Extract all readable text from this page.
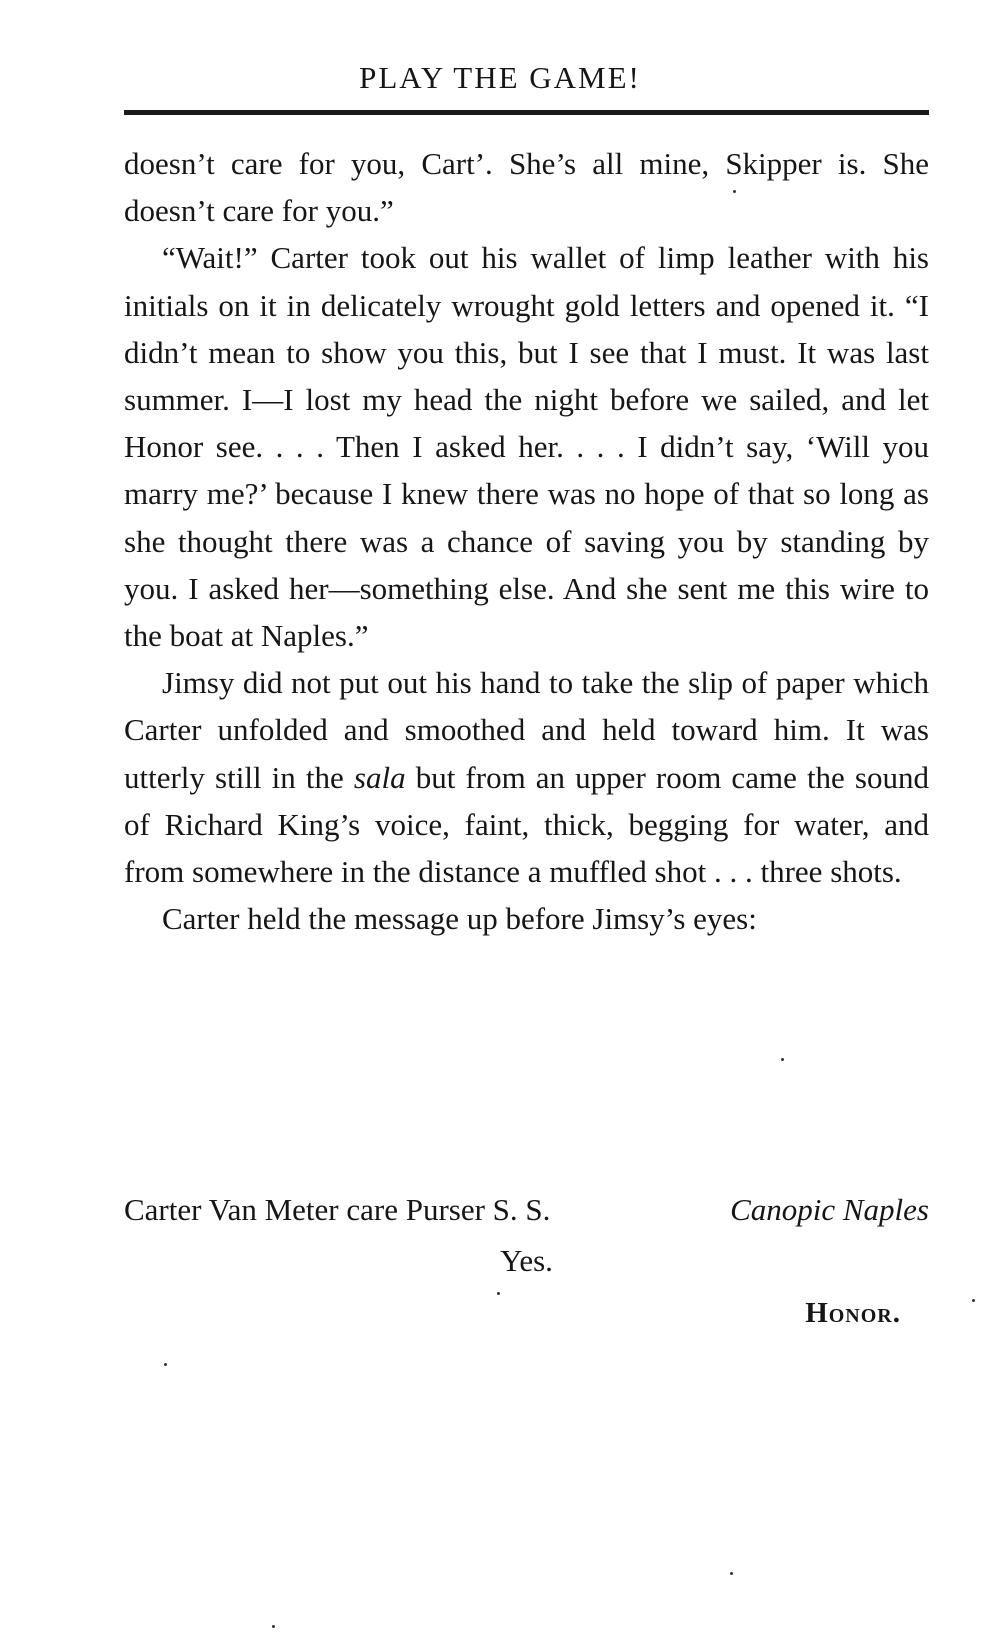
PLAY THE GAME!

doesn’t care for you, Cart’. She’s all mine, Skipper is. She doesn’t care for you.”

“Wait!” Carter took out his wallet of limp leather with his initials on it in delicately wrought gold letters and opened it. “I didn’t mean to show you this, but I see that I must. It was last summer. I—I lost my head the night before we sailed, and let Honor see. . . . Then I asked her. . . . I didn’t say, ‘Will you marry me?’ because I knew there was no hope of that so long as she thought there was a chance of saving you by standing by you. I asked her—something else. And she sent me this wire to the boat at Naples.”

Jimsy did not put out his hand to take the slip of paper which Carter unfolded and smoothed and held toward him. It was utterly still in the sala but from an upper room came the sound of Richard King’s voice, faint, thick, begging for water, and from somewhere in the distance a muffled shot . . . three shots.

Carter held the message up before Jimsy’s eyes:

Carter Van Meter care Purser S. S.	Canopic Naples
Yes.
Honor.
